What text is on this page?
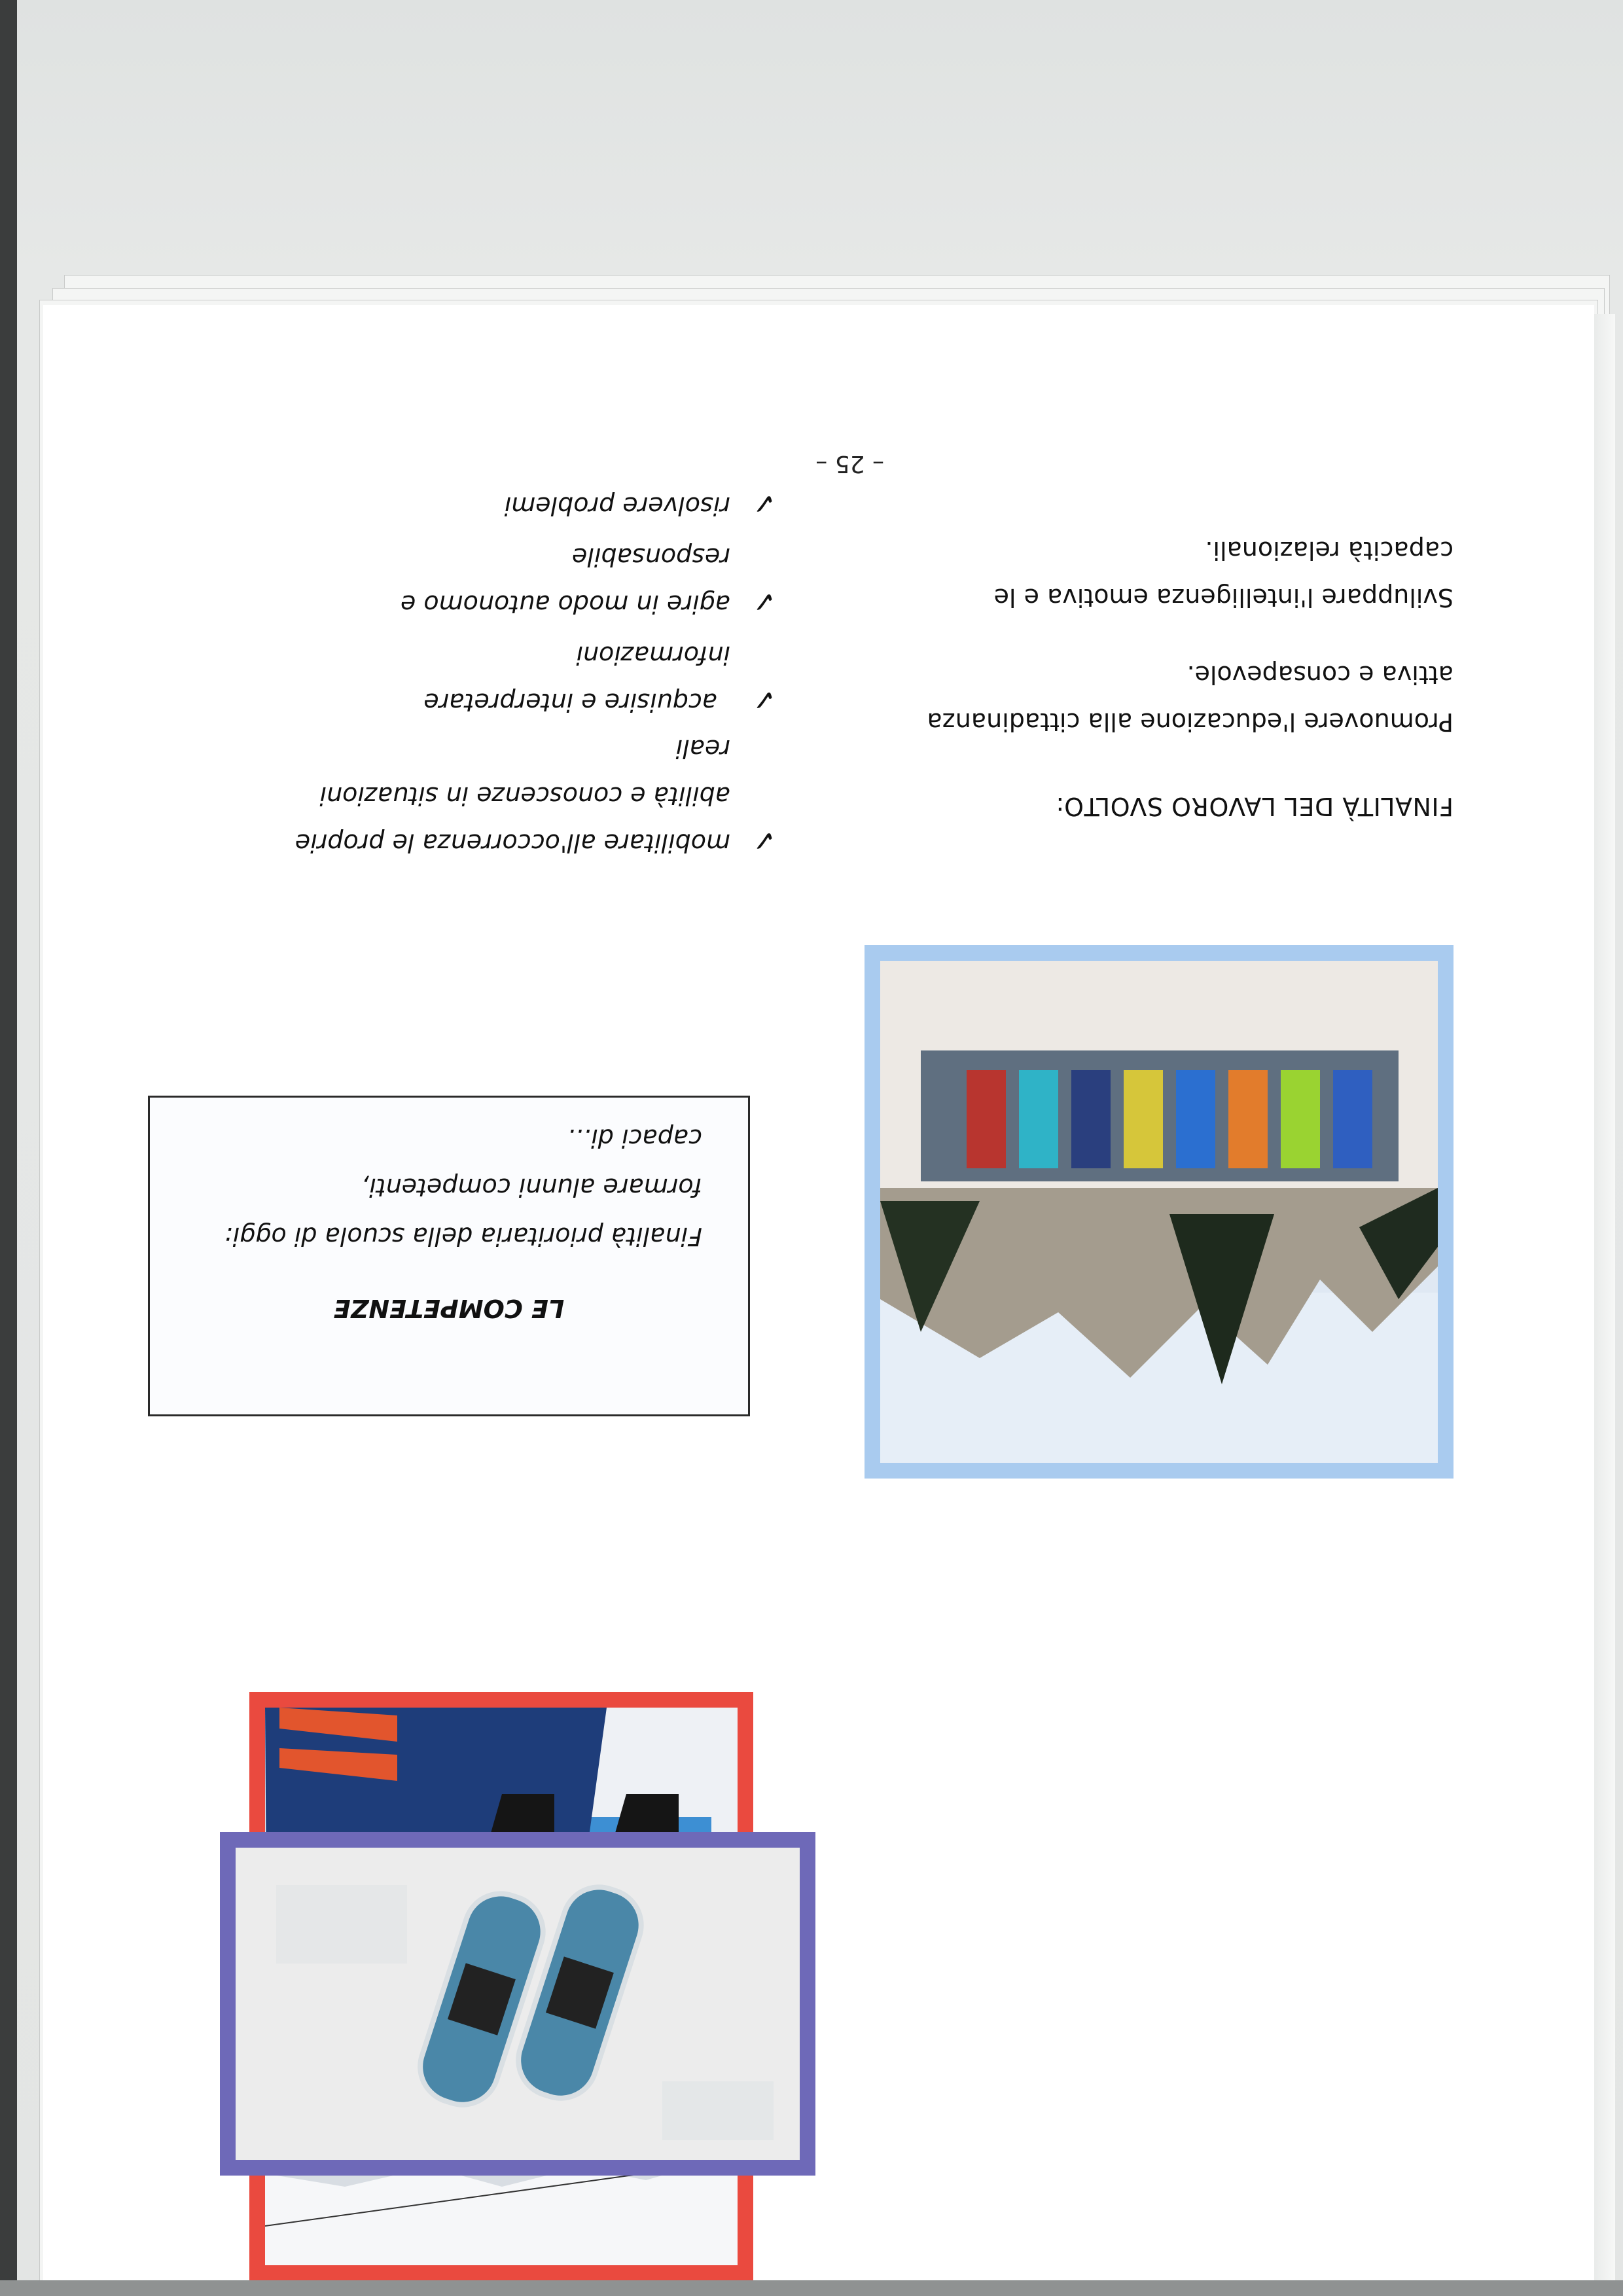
LE COMPETENZE
Finalità prioritaria della scuola di oggi:
formare alunni competenti,
capaci di...
✓
mobilitare all'occorrenza le proprie
abilità e conoscenze in situazioni
reali
✓
acquisire e interpretare
informazioni
✓
agire in modo autonomo e
responsabile
✓
risolvere problemi
FINALITÀ DEL LAVORO SVOLTO:
Promuovere l'educazione alla cittadinanza
attiva e consapevole.
Sviluppare l'intelligenza emotiva e le
capacità relazionali.
– 25 –
